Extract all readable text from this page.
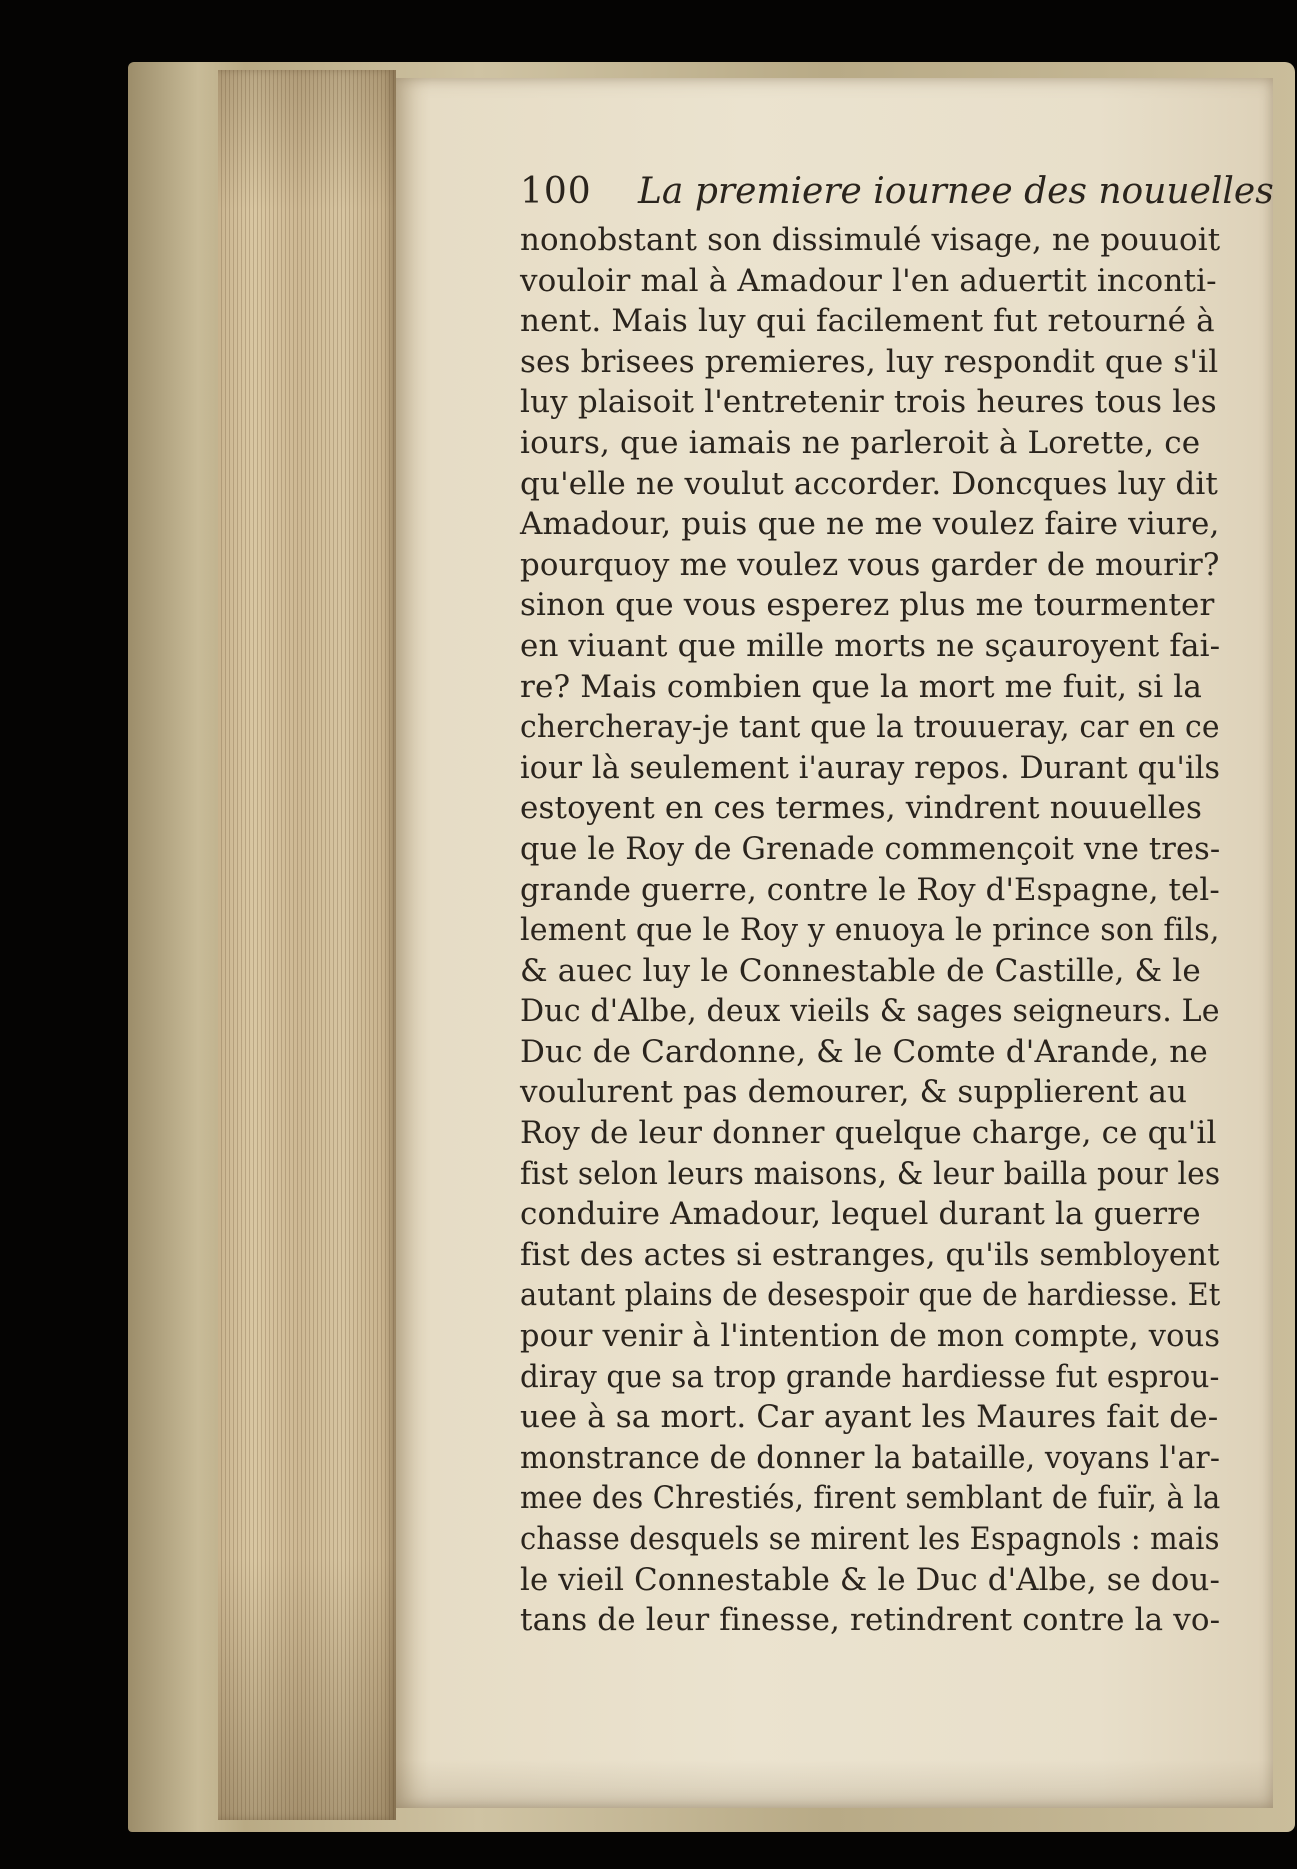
100 La premiere iournee des nouuelles
nonobstant son dissimulé visage, ne pouuoit
vouloir mal à Amadour l'en aduertit inconti-
nent. Mais luy qui facilement fut retourné à
ses brisees premieres, luy respondit que s'il
luy plaisoit l'entretenir trois heures tous les
iours, que iamais ne parleroit à Lorette, ce
qu'elle ne voulut accorder. Doncques luy dit
Amadour, puis que ne me voulez faire viure,
pourquoy me voulez vous garder de mourir?
sinon que vous esperez plus me tourmenter
en viuant que mille morts ne sçauroyent fai-
re? Mais combien que la mort me fuit, si la
chercheray-je tant que la trouueray, car en ce
iour là seulement i'auray repos. Durant qu'ils
estoyent en ces termes, vindrent nouuelles
que le Roy de Grenade commençoit vne tres-
grande guerre, contre le Roy d'Espagne, tel-
lement que le Roy y enuoya le prince son fils,
& auec luy le Connestable de Castille, & le
Duc d'Albe, deux vieils & sages seigneurs. Le
Duc de Cardonne, & le Comte d'Arande, ne
voulurent pas demourer, & supplierent au
Roy de leur donner quelque charge, ce qu'il
fist selon leurs maisons, & leur bailla pour les
conduire Amadour, lequel durant la guerre
fist des actes si estranges, qu'ils sembloyent
autant plains de desespoir que de hardiesse. Et
pour venir à l'intention de mon compte, vous
diray que sa trop grande hardiesse fut esprou-
uee à sa mort. Car ayant les Maures fait de-
monstrance de donner la bataille, voyans l'ar-
mee des Chrestiés, firent semblant de fuïr, à la
chasse desquels se mirent les Espagnols : mais
le vieil Connestable & le Duc d'Albe, se dou-
tans de leur finesse, retindrent contre la vo-
